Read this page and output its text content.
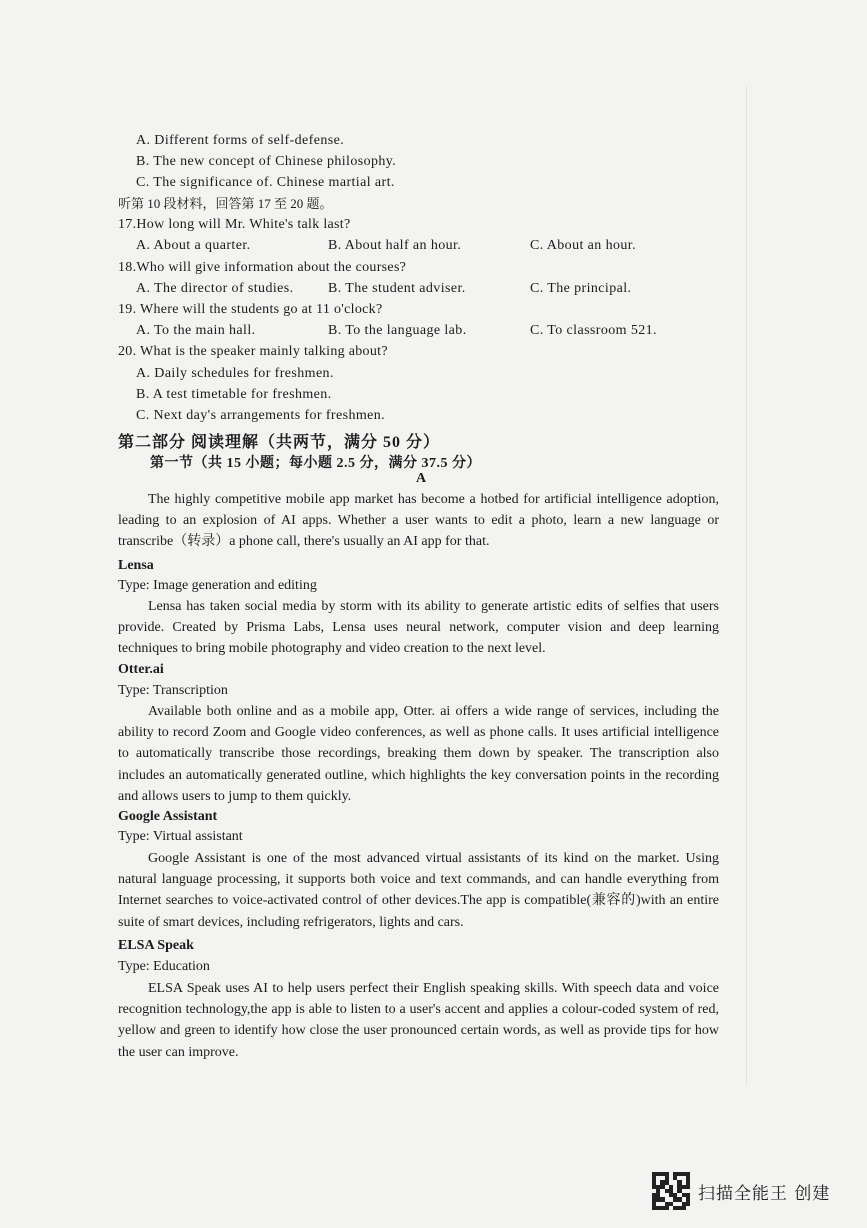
A. Different forms of self-defense.
B. The new concept of Chinese philosophy.
C. The significance of. Chinese martial art.
听第 10 段材料，回答第 17 至 20 题。
17.How long will Mr. White's talk last?
A. About a quarter.	B. About half an hour.	C. About an hour.
18.Who will give information about the courses?
A. The director of studies. B. The student adviser.	C. The principal.
19. Where will the students go at 11 o'clock?
A. To the main hall.	B. To the language lab.	C. To classroom 521.
20. What is the speaker mainly talking about?
A. Daily schedules for freshmen.
B. A test timetable for freshmen.
C. Next day's arrangements for freshmen.
第二部分 阅读理解（共两节，满分 50 分）
第一节（共 15 小题；每小题 2.5 分，满分 37.5 分）
A
The highly competitive mobile app market has become a hotbed for artificial intelligence adoption, leading to an explosion of AI apps. Whether a user wants to edit a photo, learn a new language or transcribe（转录）a phone call, there's usually an AI app for that.
Lensa
Type: Image generation and editing
Lensa has taken social media by storm with its ability to generate artistic edits of selfies that users provide. Created by Prisma Labs, Lensa uses neural network, computer vision and deep learning techniques to bring mobile photography and video creation to the next level.
Otter.ai
Type: Transcription
Available both online and as a mobile app, Otter. ai offers a wide range of services, including the ability to record Zoom and Google video conferences, as well as phone calls. It uses artificial intelligence to automatically transcribe those recordings, breaking them down by speaker. The transcription also includes an automatically generated outline, which highlights the key conversation points in the recording and allows users to jump to them quickly.
Google Assistant
Type: Virtual assistant
Google Assistant is one of the most advanced virtual assistants of its kind on the market. Using natural language processing, it supports both voice and text commands, and can handle everything from Internet searches to voice-activated control of other devices.The app is compatible(兼容的)with an entire suite of smart devices, including refrigerators, lights and cars.
ELSA Speak
Type: Education
ELSA Speak uses AI to help users perfect their English speaking skills. With speech data and voice recognition technology,the app is able to listen to a user's accent and applies a colour-coded system of red, yellow and green to identify how close the user pronounced certain words, as well as provide tips for how the user can improve.
扫描全能王 创建
